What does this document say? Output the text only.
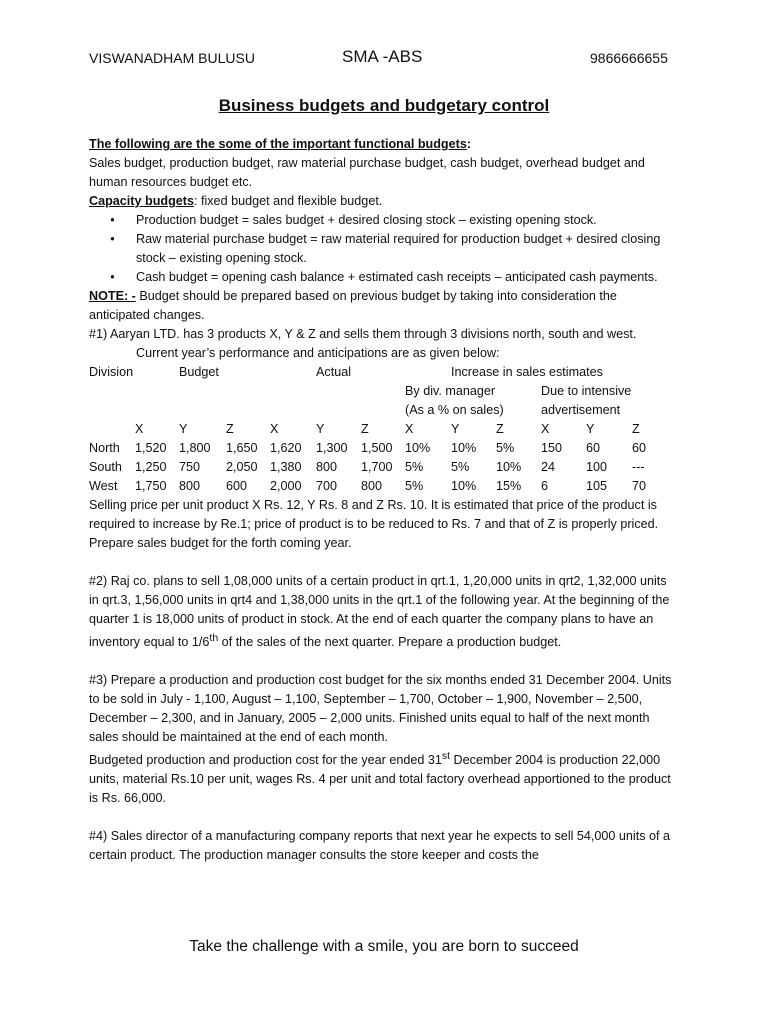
VISWANADHAM BULUSU	SMA -ABS	9866666655
Business budgets and budgetary control

The following are the some of the important functional budgets:

Sales budget, production budget, raw material purchase budget, cash budget, overhead budget and human resources budget etc.

Capacity budgets: fixed budget and flexible budget.

•	Production budget = sales budget + desired closing stock – existing opening stock.
•	Raw material purchase budget = raw material required for production budget + desired closing stock – existing opening stock.
•	Cash budget = opening cash balance + estimated cash receipts – anticipated cash payments.

NOTE: - Budget should be prepared based on previous budget by taking into consideration the anticipated changes.

#1) Aaryan LTD. has 3 products X, Y & Z and sells them through 3 divisions north, south and west.

Current year’s performance and anticipations are as given below:

Division	Budget	Actual	Increase in sales estimates
By div. manager
(As a % on sales)
Due to intensive
advertisement
X	Y	Z	X	Y	Z	X	Y	Z	X	Y	Z
North 1,520 1,800 1,650 1,620 1,300 1,500 10% 10% 5% 150 60	60
South 1,250 750 2,050 1,380 800 1,700 5% 5% 10% 24 100 ---
West 1,750 800 600 2,000 700 800 5% 10% 15% 6	105 70

Selling price per unit product X Rs. 12, Y Rs. 8 and Z Rs. 10. It is estimated that price of the product is required to increase by Re.1; price of product is to be reduced to Rs. 7 and that of Z is properly priced. Prepare sales budget for the forth coming year.

#2) Raj co. plans to sell 1,08,000 units of a certain product in qrt.1, 1,20,000 units in qrt2, 1,32,000 units in qrt.3, 1,56,000 units in qrt4 and 1,38,000 units in the qrt.1 of the following year. At the beginning of the quarter 1 is 18,000 units of product in stock. At the end of each quarter the company plans to have an inventory equal to 1/6th of the sales of the next quarter. Prepare a production budget.

#3) Prepare a production and production cost budget for the six months ended 31 December 2004. Units to be sold in July - 1,100, August – 1,100, September – 1,700, October – 1,900, November – 2,500, December – 2,300, and in January, 2005 – 2,000 units. Finished units equal to half of the next month sales should be maintained at the end of each month.

Budgeted production and production cost for the year ended 31st December 2004 is production 22,000 units, material Rs.10 per unit, wages Rs. 4 per unit and total factory overhead apportioned to the product is Rs. 66,000.

#4) Sales director of a manufacturing company reports that next year he expects to sell 54,000 units of a certain product. The production manager consults the store keeper and costs the

Take the challenge with a smile, you are born to succeed
